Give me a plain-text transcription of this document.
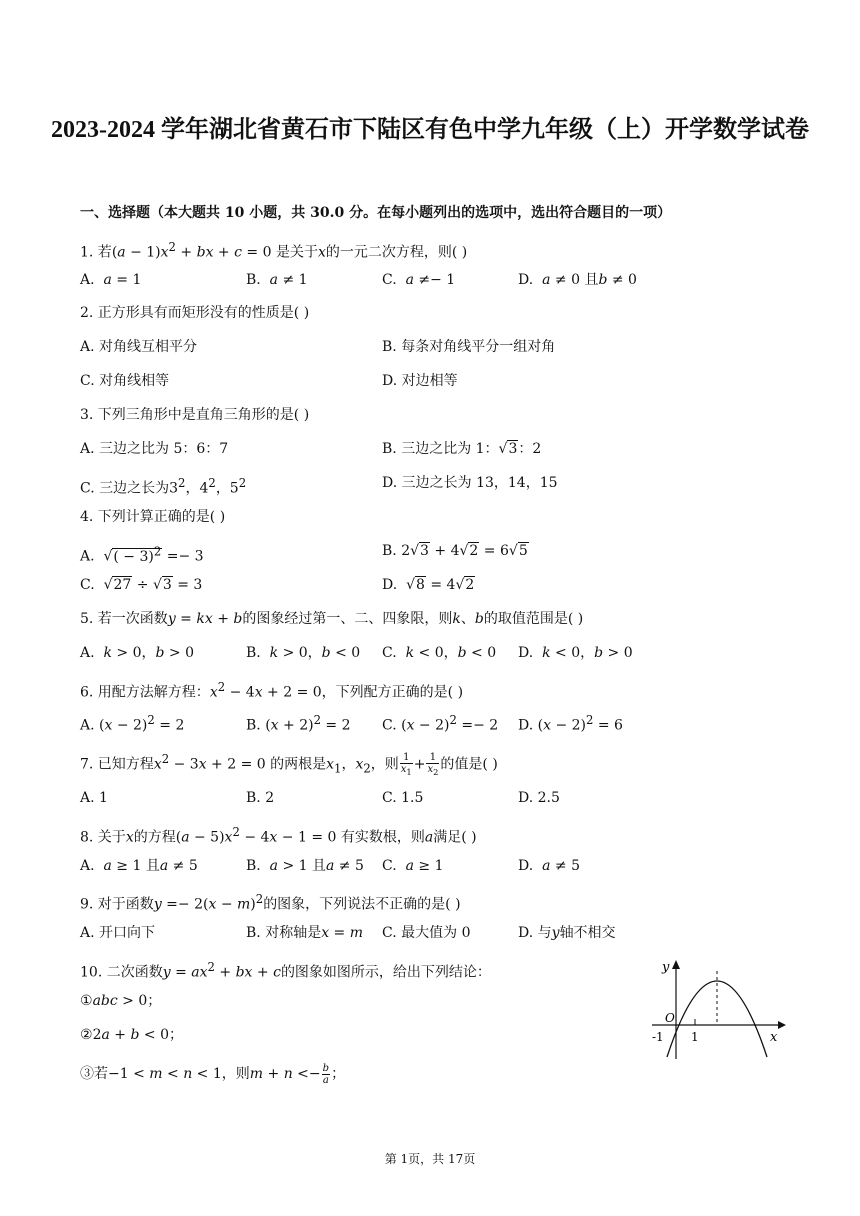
2023-2024 学年湖北省黄石市下陆区有色中学九年级（上）开学数学试卷
一、选择题（本大题共 10 小题，共 30.0 分。在每小题列出的选项中，选出符合题目的一项）
1. 若$(a - 1)x^2$ + bx + c = 0 是关于x的一元二次方程，则( )
A. a = 1	B. a ≠ 1	C. a ≠− 1	D. a ≠ 0 且b ≠ 0
2. 正方形具有而矩形没有的性质是( )
A. 对角线互相平分	B. 每条对角线平分一组对角
C. 对角线相等	D. 对边相等
3. 下列三角形中是直角三角形的是( )
A. 三边之比为 5：6：7	B. 三边之比为 1：√3：2
C. 三边之长为$3^2$，$4^2$，$5^2$	D. 三边之长为 13，14，15
4. 下列计算正确的是( )
A.  √( − 3)$^2$ =− 3	B. 2√3 + 4√2 = 6√5
C.  √27 ÷ √3 = 3	D.  √8 = 4√2
5. 若一次函数y = kx + b的图象经过第一、二、四象限，则k、b的取值范围是( )
A.  k > 0，b > 0	B.  k > 0，b < 0 C.  k < 0，b < 0 D.  k < 0，b > 0
6. 用配方法解方程：$x^2 - 4x + 2 = 0$，下列配方正确的是( )
A. $(x - 2)^2 = 2$	B. $(x + 2)^2 = 2$ C. $(x - 2)^2 =- 2$ D. $(x - 2)^2 = 6$
7. 已知方程$x^2 - 3x + 2 = 0$ 的两根是$x_1$，$x_2$，则 $\frac{1}{x_1} + \frac{1}{x_2}$ 的值是( )
A. 1	B. 2	C. 1.5	D. 2.5
8. 关于x的方程$(a - 5)x^2 - 4x - 1 = 0$ 有实数根，则a满足( )
A.  a ≥ 1 且a ≠ 5	B.  a > 1 且a ≠ 5 C.  a ≥ 1	D.  a ≠ 5
9. 对于函数$y =- 2(x - m)^2$的图象，下列说法不正确的是( )
A. 开口向下	B. 对称轴是x = m C. 最大值为 0	D. 与y轴不相交
10. 二次函数$y = ax^2$ + bx + c的图象如图所示，给出下列结论：
①abc > 0；
②2a + b < 0；
③若−1 < m < n < 1，则$m + n <- \frac{b}{a}$ ；
y
x
O
-1 1
第 1页，共 17页
